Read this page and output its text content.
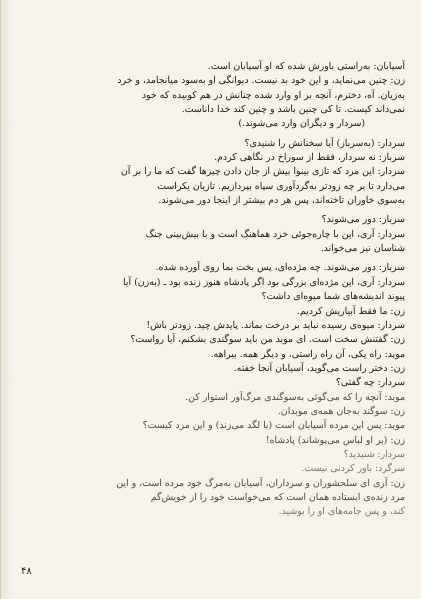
آسیابان: به‌راستی باورش شده که او آسیابان است.
زن: چنین می‌نماید، و این خود بد نیست. دیوانگی او به‌سود میانجامد، و خرد
به‌زیان. آه، دخترم، آنچه بر او وارد شده چنانش در هم کوبیده که خود
نمی‌داند کیست. تا کی چنین باشد و چنین کند خدا داناست.
(سردار و دیگران وارد می‌شوند.)
سردار: (به‌سرباز) آیا سخنانش را شنیدی؟
سرباز: نه سردار، فقط از سوراخ در نگاهی کردم.
سردار: این مرد که تازی بینوا بیش از جان دادن چیزها گفت که ما را بر آن
می‌دارد تا بر چه زودتر به‌گردآوری سپاه بپردازیم. تازیان یکراست
به‌سوی خاوران تاخته‌اند، پس هر دم بیشتر از اینجا دور می‌شوند.
سرباز: دور می‌شوند؟
سردار: آری، این با چاره‌جوئی خرد هماهنگ است و با بیش‌بینی جنگ
شناسان نیز می‌خواند.
سرباز: دور می‌شوند. چه مژده‌ای، پس بخت بما روی آورده شده.
سردار: آری، این مژده‌ای بزرگی بود اگر پادشاه هنوز زنده بود ـ (به‌زن) آیا
پیوند اندیشه‌های شما میوه‌ای داشت؟
زن: ما فقط آبیاریش کردیم.
سردار: میوه‌ی رسیده نباید بر درخت بماند. پایدش چید. زودتر باش!
زن: گفتنش سخت است. ای موبد من باید سوگندی بشکنم، آیا رواست؟
موبد: راه یکی، آن راه راستی، و دیگر همه. بیراهه.
زن: دختر راست می‌گوید، آسیابان آنجا خفته.
سردار: چه گفتی؟
موبد: آنچه را که می‌گوئی به‌سوگندی مرگ‌آور استوار کن.
زن: سوگند به‌جان همه‌ی موبدان.
موبد: پس این مرده آسیابان است (با لگد می‌زند) و این مرد کیست؟
زن: (بر او لباس می‌پوشاند) پادشاه!
سردار: شنیدید؟
سرگرد: باور کردنی نیست.
زن: آری ای سلحشوران و سرداران، آسیابان به‌مرگ خود مرده است، و این
مرد زنده‌ی ایستاده همان است که می‌خواست خود را از خویش‌گم
کند، و پس جامه‌های او را بوشید.
۴۸
